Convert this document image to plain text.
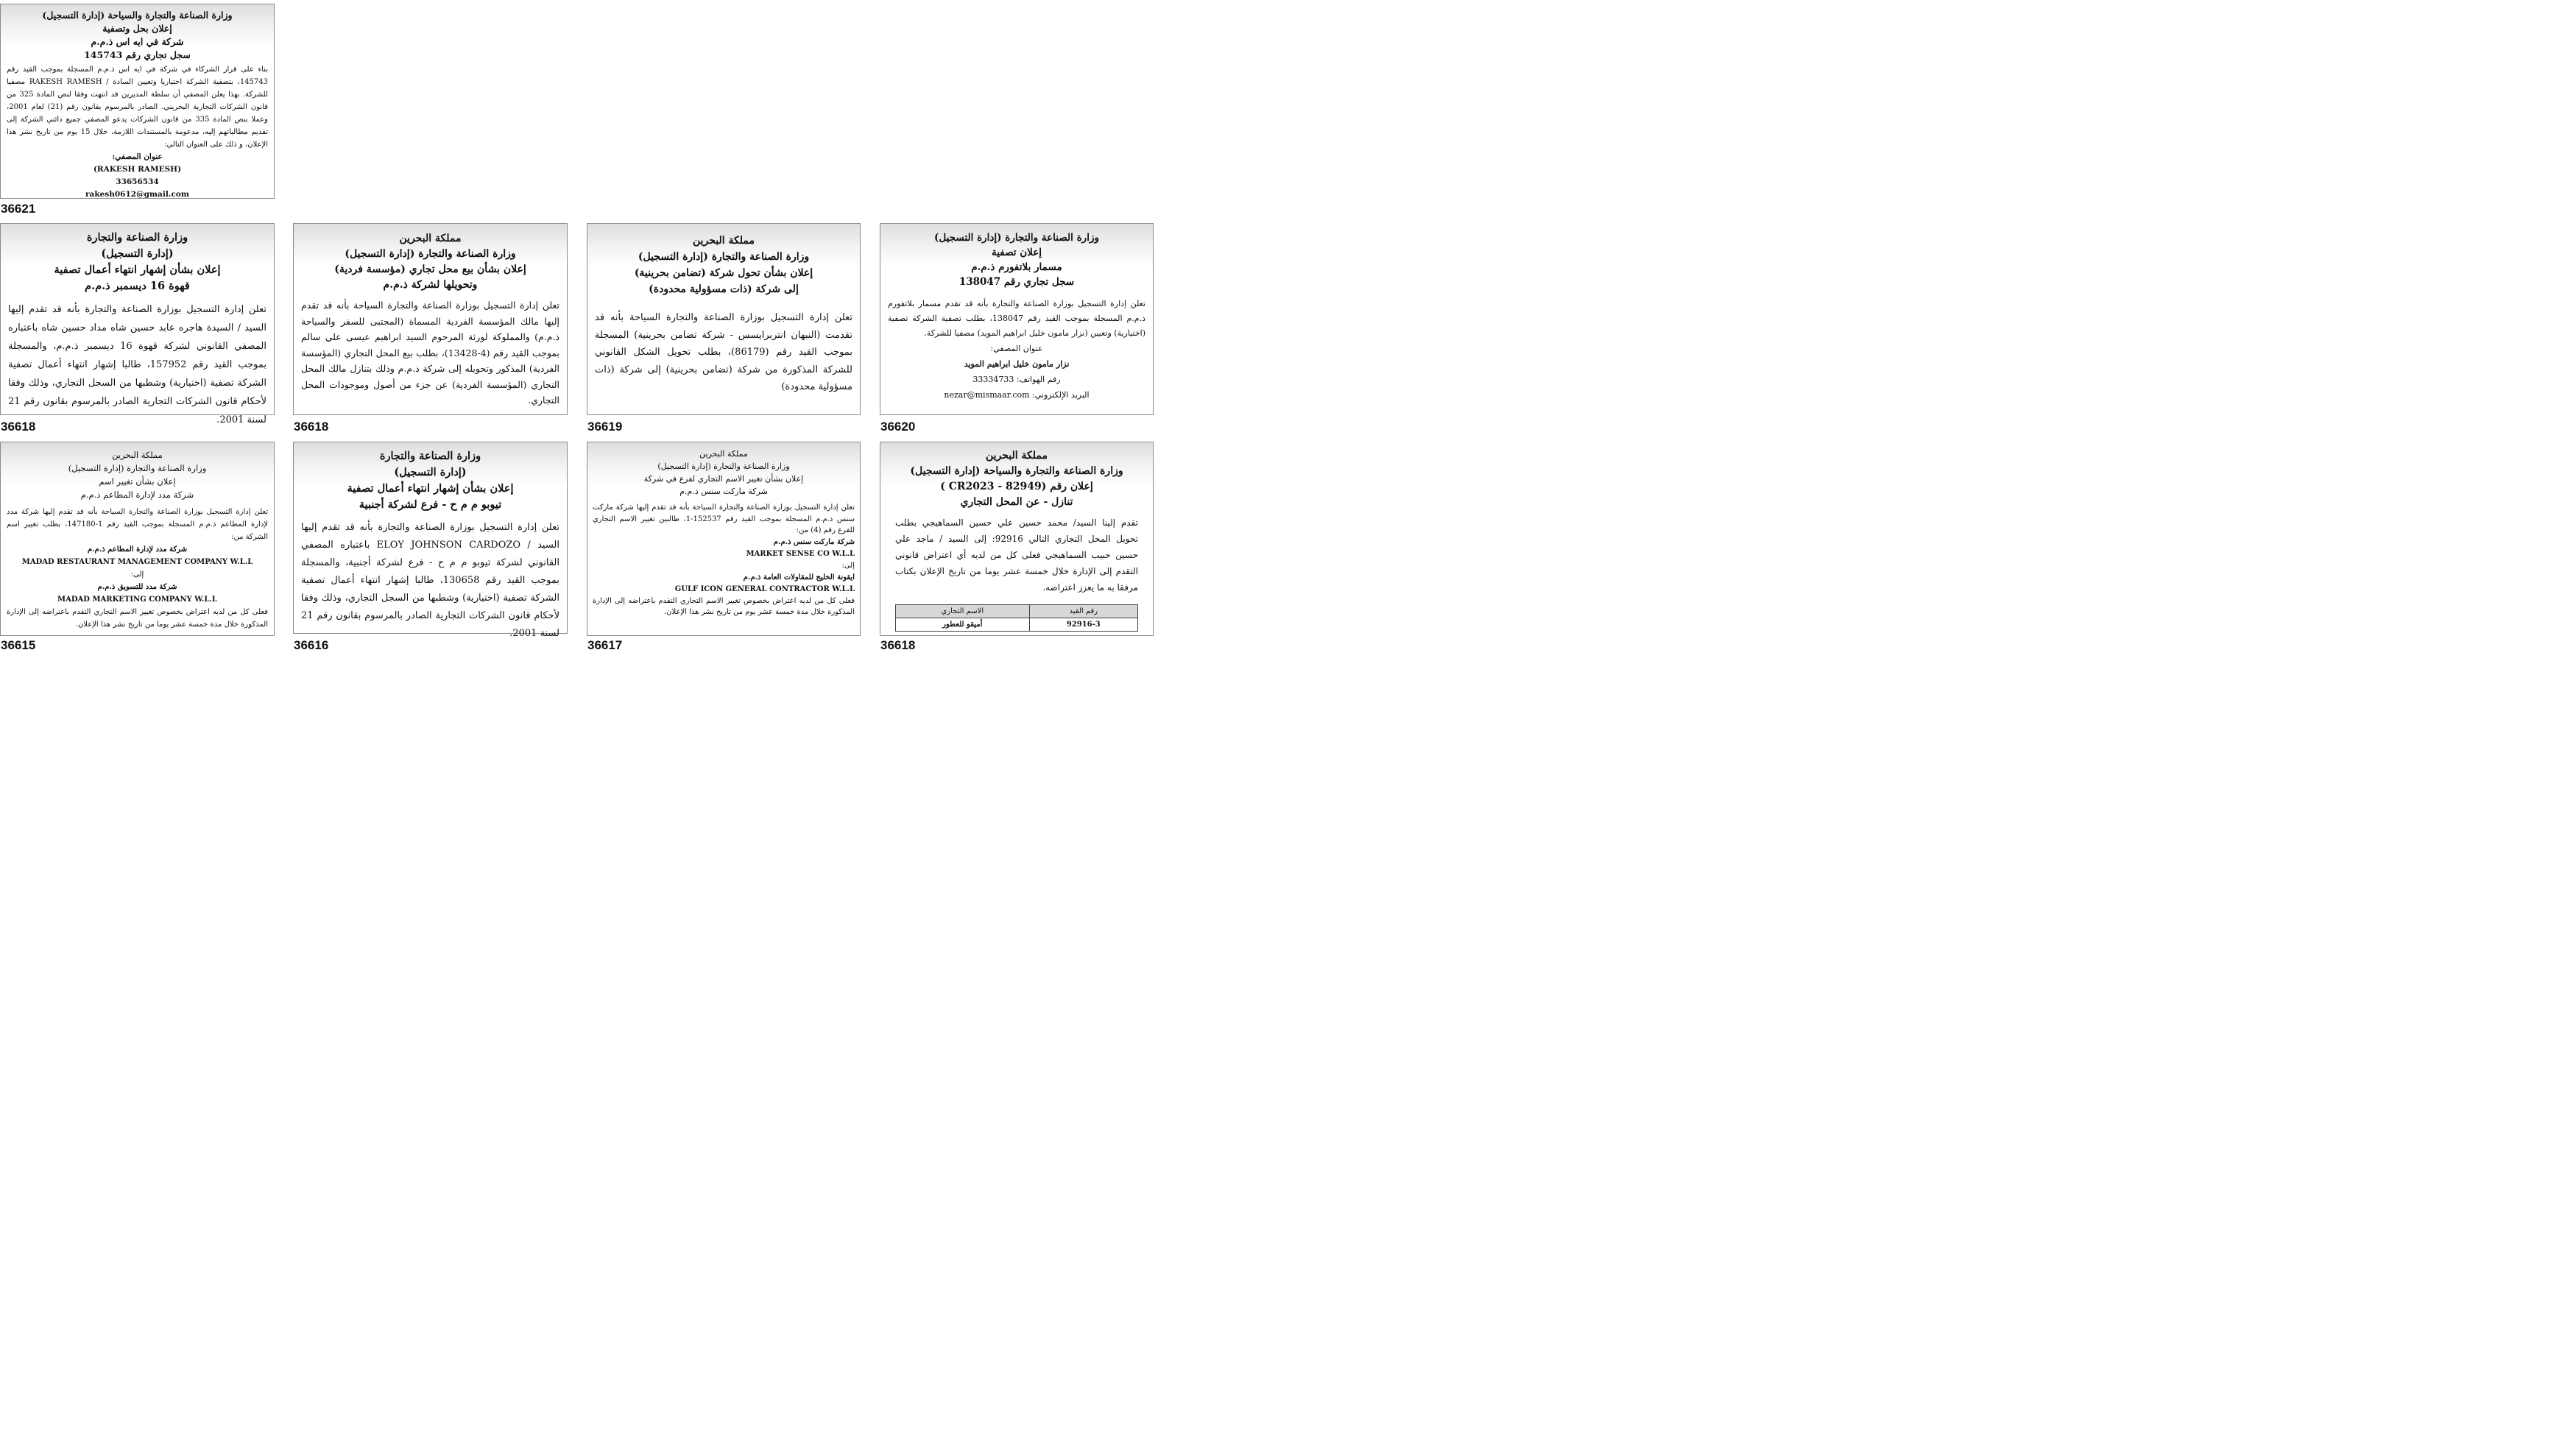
وزارة الصناعة والتجارة والسياحة (إدارة التسجيل)

إعلان بحل وتصفية

شركة في ايه اس ذ.م.م

سجل تجاري رقم 145743

بناء على قرار الشركاء في شركة في ايه اس ذ.م.م المسجلة بموجب القيد رقم 145743، بتصفية الشركة اختياريا وتعيين السادة / RAKESH RAMESH مصفيا للشركة. بهذا يعلن المصفي أن سلطة المديرين قد انتهت وفقا لنص المادة 325 من قانون الشركات التجارية البحريني. الصادر بالمرسوم بقانون رقم (21) لعام 2001، وعملا بنص المادة 335 من قانون الشركات يدعو المصفي جميع دائني الشركة إلى تقديم مطالباتهم إليه، مدعومة بالمستندات اللازمة، خلال 15 يوم من تاريخ نشر هذا الإعلان، و ذلك على العنوان التالي:

عنوان المصفي:

(RAKESH RAMESH)

33656534

rakesh0612@gmail.com

36621

وزارة الصناعة والتجارة

(إدارة التسجيل)

إعلان بشأن إشهار انتهاء أعمال تصفية

قهوة 16 ديسمبر ذ.م.م

تعلن إدارة التسجيل بوزارة الصناعة والتجارة بأنه قد تقدم إليها السيد / السيدة هاجره عابد حسين شاه مداد حسين شاه باعتباره المصفي القانوني لشركة قهوة 16 ديسمبر ذ.م.م، والمسجلة بموجب القيد رقم 157952، طالبا إشهار انتهاء أعمال تصفية الشركة تصفية (اختيارية) وشطبها من السجل التجاري، وذلك وفقا لأحكام قانون الشركات التجارية الصادر بالمرسوم بقانون رقم 21 لسنة 2001.

36618

مملكة البحرين

وزارة الصناعة والتجارة (إدارة التسجيل)

إعلان بشأن بيع محل تجاري (مؤسسة فردية)

وتحويلها لشركة ذ.م.م

تعلن إدارة التسجيل بوزارة الصناعة والتجارة السياحة بأنه قد تقدم إليها مالك المؤسسة الفردية المسماة (المجتبى للسفر والسياحة ذ.م.م) والمملوكة لورثة المرحوم السيد ابراهيم عيسى علي سالم بموجب القيد رقم (4-13428)، بطلب بيع المحل التجاري (المؤسسة الفردية) المذكور وتحويله إلى شركة ذ.م.م وذلك بتنازل مالك المحل التجاري (المؤسسة الفردية) عن جزء من أصول وموجودات المحل التجاري.

36618

مملكة البحرين

وزارة الصناعة والتجارة (إدارة التسجيل)

إعلان بشأن تحول شركة (تضامن بحرينية)

إلى شركة (ذات مسؤولية محدودة)

تعلن إدارة التسجيل بوزارة الصناعة والتجارة السياحة بأنه قد تقدمت (النبهان انتربرايسس - شركة تضامن بحرينية) المسجلة بموجب القيد رقم (86179)، بطلب تحويل الشكل القانوني للشركة المذكورة من شركة (تضامن بحرينية) إلى شركة (ذات مسؤولية محدودة)

36619

وزارة الصناعة والتجارة (إدارة التسجيل)

إعلان تصفية

مسمار بلاتفورم ذ.م.م

سجل تجاري رقم 138047

تعلن إدارة التسجيل بوزارة الصناعة والتجارة بأنه قد تقدم مسمار بلاتفورم ذ.م.م المسجلة بموجب القيد رقم 138047، بطلب تصفية الشركة تصفية (اختيارية) وتعيين (نزار مامون خليل ابراهيم المويد) مصفيا للشركة.

عنوان المصفي:

نزار مامون خليل ابراهيم المويد

رقم الهواتف: 33334733

البريد الإلكتروني: nezar@mismaar.com

36620

مملكة البحرين

وزارة الصناعة والتجارة (إدارة التسجيل)

إعلان بشأن تغيير اسم

شركة مدد لإدارة المطاعم ذ.م.م

تعلن إدارة التسجيل بوزارة الصناعة والتجارة السياحة بأنه قد تقدم إليها شركة مدد لإدارة المطاعم ذ.م.م المسجلة بموجب القيد رقم 1-147180، بطلب تغيير اسم الشركة من:

شركة مدد لإدارة المطاعم ذ.م.م

MADAD RESTAURANT MANAGEMENT COMPANY W.L.L

إلى:

شركة مدد للتسويق ذ.م.م

MADAD MARKETING COMPANY W.L.L

فعلى كل من لديه اعتراض بخصوص تغيير الاسم التجاري التقدم باعتراضه إلى الإدارة المذكورة خلال مدة خمسة عشر يوما من تاريخ نشر هذا الإعلان.

36615

وزارة الصناعة والتجارة

(إدارة التسجيل)

إعلان بشأن إشهار انتهاء أعمال تصفية

تيوبو م م ح - فرع لشركة أجنبية

تعلن إدارة التسجيل بوزارة الصناعة والتجارة بأنه قد تقدم إليها السيد / ELOY JOHNSON CARDOZO باعتباره المصفي القانوني لشركة تيوبو م م ح - فرع لشركة أجنبية، والمسجلة بموجب القيد رقم 130658، طالبا إشهار انتهاء أعمال تصفية الشركة تصفية (اختيارية) وشطبها من السجل التجاري، وذلك وفقا لأحكام قانون الشركات التجارية الصادر بالمرسوم بقانون رقم 21 لسنة 2001.

36616

مملكة البحرين

وزارة الصناعة والتجارة (إدارة التسجيل)

إعلان بشأن تغيير الاسم التجاري لفرع في شركة

شركة ماركت سنس ذ.م.م

تعلن إدارة التسجيل بوزارة الصناعة والتجارة السياحة بأنه قد تقدم إليها شركة ماركت سنس ذ.م.م المسجلة بموجب القيد رقم 152537-1، طالبين تغيير الاسم التجاري للفرع رقم (4) من:

شركة ماركت سنس ذ.م.م

MARKET SENSE CO W.L.L

إلى:

ايقونة الخليج للمقاولات العامة ذ.م.م

GULF ICON GENERAL CONTRACTOR W.L.L

فعلى كل من لديه اعتراض بخصوص تغيير الاسم التجاري التقدم باعتراضه إلى الإدارة المذكورة خلال مدة خمسة عشر يوم من تاريخ نشر هذا الإعلان.

36617

مملكة البحرين

وزارة الصناعة والتجارة والسياحة (إدارة التسجيل)

إعلان رقم (82949 - CR2023 )

تنازل - عن المحل التجاري

تقدم إلينا السيد/ محمد حسين علي حسين السماهيجي بطلب تحويل المحل التجاري التالي 92916: إلى السيد / ماجد علي حسين حبيب السماهيجي فعلى كل من لديه أي اعتراض قانوني التقدم إلى الإدارة خلال خمسة عشر يوما من تاريخ الإعلان بكتاب مرفقا به ما يعزز اعتراضه.

رقم القيد	الاسم التجاري
92916-3	أميقو للعطور
36618
